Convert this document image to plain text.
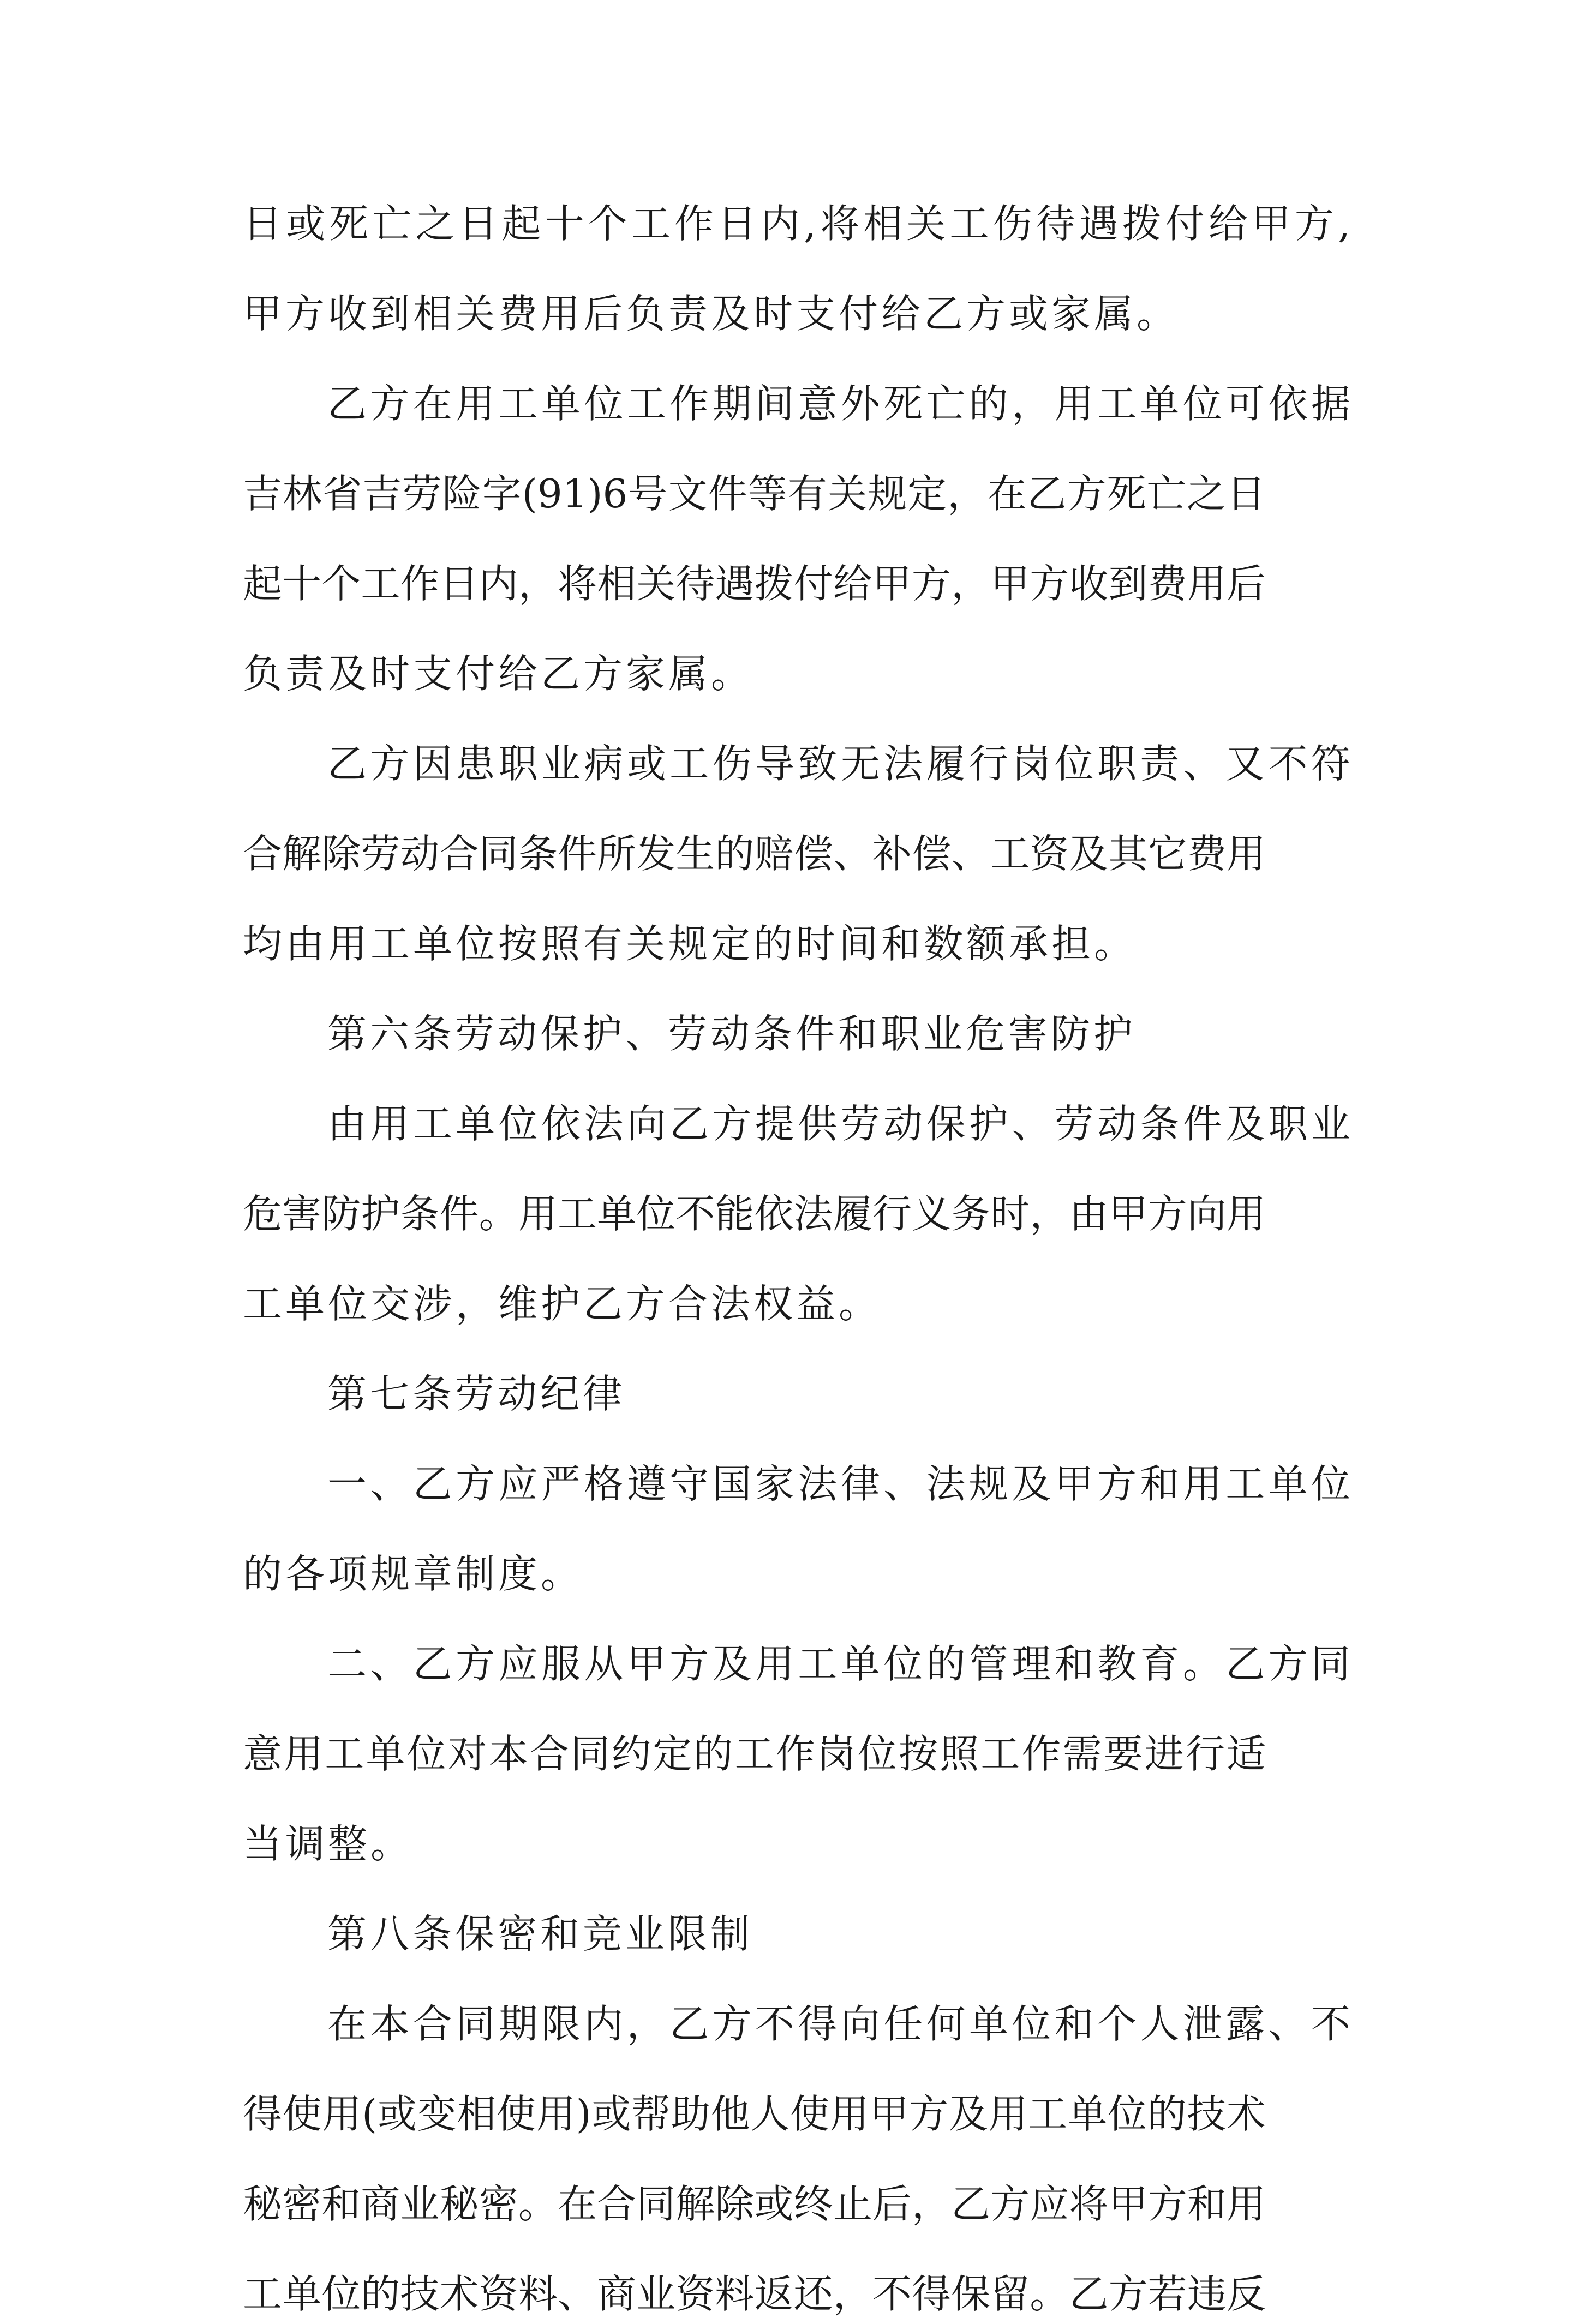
日或死亡之日起十个工作日内,将相关工伤待遇拨付给甲方,
甲方收到相关费用后负责及时支付给乙方或家属。
乙方在用工单位工作期间意外死亡的，用工单位可依据
吉林省吉劳险字(91)6号文件等有关规定，在乙方死亡之日
起十个工作日内，将相关待遇拨付给甲方，甲方收到费用后
负责及时支付给乙方家属。
乙方因患职业病或工伤导致无法履行岗位职责、又不符
合解除劳动合同条件所发生的赔偿、补偿、工资及其它费用
均由用工单位按照有关规定的时间和数额承担。
第六条劳动保护、劳动条件和职业危害防护
由用工单位依法向乙方提供劳动保护、劳动条件及职业
危害防护条件。用工单位不能依法履行义务时，由甲方向用
工单位交涉，维护乙方合法权益。
第七条劳动纪律
一、乙方应严格遵守国家法律、法规及甲方和用工单位
的各项规章制度。
二、乙方应服从甲方及用工单位的管理和教育。乙方同
意用工单位对本合同约定的工作岗位按照工作需要进行适
当调整。
第八条保密和竞业限制
在本合同期限内，乙方不得向任何单位和个人泄露、不
得使用(或变相使用)或帮助他人使用甲方及用工单位的技术
秘密和商业秘密。在合同解除或终止后，乙方应将甲方和用
工单位的技术资料、商业资料返还，不得保留。乙方若违反
